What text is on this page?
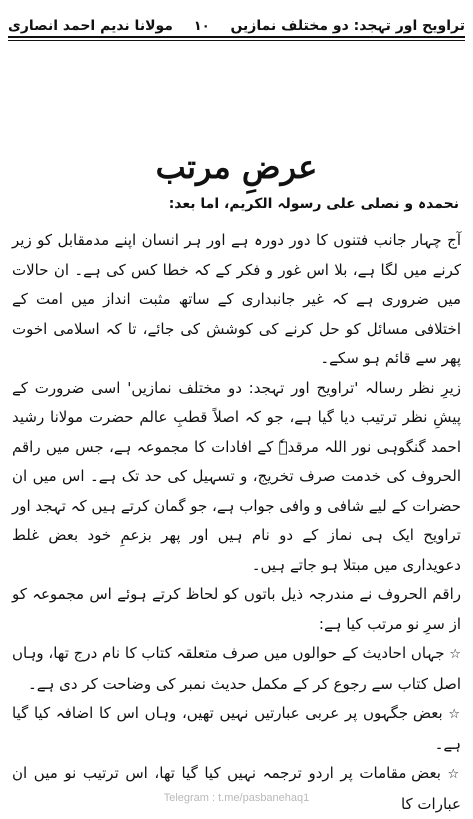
تراویح اور تہجد: دو مختلف نمازیں
۱۰
مولانا ندیم احمد انصاری
عرضِ مرتب
نحمدہ و نصلی علی رسولہ الکریم، اما بعد:

آج چہار جانب فتنوں کا دور دورہ ہے اور ہر انسان اپنے مدمقابل کو زیر کرنے میں لگا ہے، بلا اس غور و فکر کے کہ خطا کس کی ہے۔ ان حالات میں ضروری ہے کہ غیر جانبداری کے ساتھ مثبت انداز میں امت کے اختلافی مسائل کو حل کرنے کی کوشش کی جائے، تا کہ اسلامی اخوت پھر سے قائم ہو سکے۔

زیرِ نظر رسالہ 'تراویح اور تہجد: دو مختلف نمازیں' اسی ضرورت کے پیشِ نظر ترتیب دیا گیا ہے، جو کہ اصلاً قطبِ عالم حضرت مولانا رشید احمد گنگوہی نور اللہ مرقدہٗ کے افادات کا مجموعہ ہے، جس میں راقم الحروف کی خدمت صرف تخریج، و تسہیل کی حد تک ہے۔ اس میں ان حضرات کے لیے شافی و وافی جواب ہے، جو گمان کرتے ہیں کہ تہجد اور تراویح ایک ہی نماز کے دو نام ہیں اور پھر بزعمِ خود بعض غلط دعویداری میں مبتلا ہو جاتے ہیں۔

راقم الحروف نے مندرجہ ذیل باتوں کو لحاظ کرتے ہوئے اس مجموعہ کو از سرِ نو مرتب کیا ہے:

☆ جہاں احادیث کے حوالوں میں صرف متعلقہ کتاب کا نام درج تھا، وہاں اصل کتاب سے رجوع کر کے مکمل حدیث نمبر کی وضاحت کر دی ہے۔

☆ بعض جگہوں پر عربی عبارتیں نہیں تھیں، وہاں اس کا اضافہ کیا گیا ہے۔

☆ بعض مقامات پر اردو ترجمہ نہیں کیا گیا تھا، اس ترتیب نو میں ان عبارات کا

Telegram : t.me/pasbanehaq1
